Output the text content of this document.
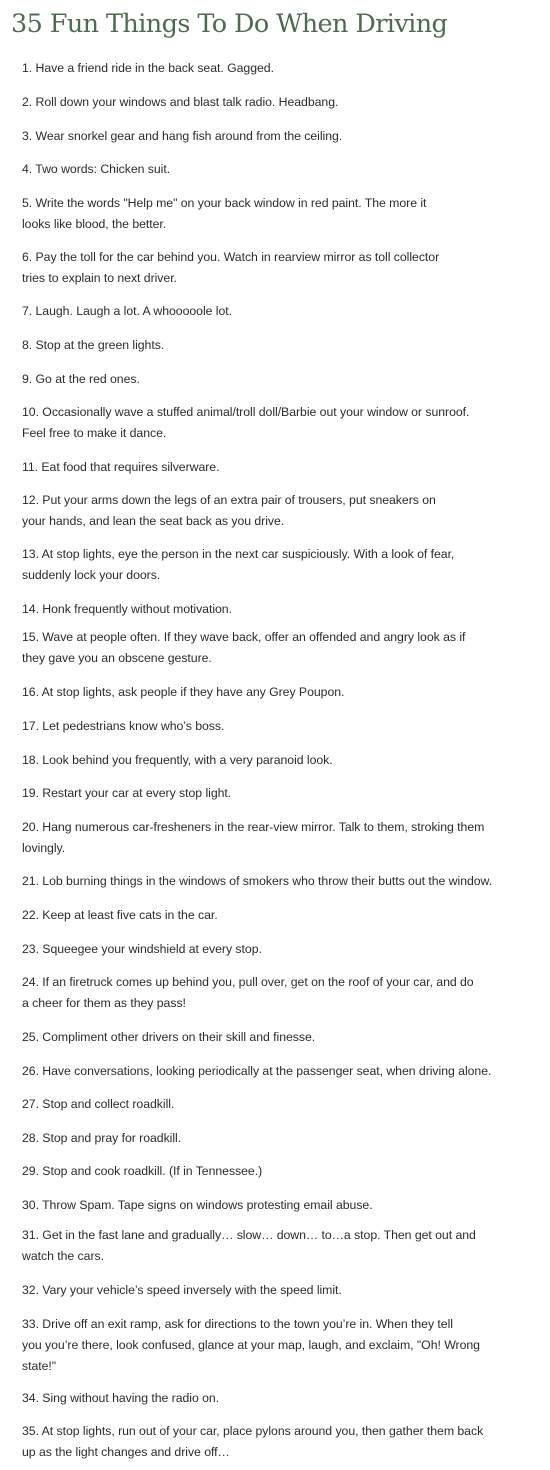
35 Fun Things To Do When Driving
1. Have a friend ride in the back seat. Gagged.
2. Roll down your windows and blast talk radio. Headbang.
3. Wear snorkel gear and hang fish around from the ceiling.
4. Two words: Chicken suit.
5. Write the words "Help me" on your back window in red paint. The more it
looks like blood, the better.
6. Pay the toll for the car behind you. Watch in rearview mirror as toll collector
tries to explain to next driver.
7. Laugh. Laugh a lot. A whooooole lot.
8. Stop at the green lights.
9. Go at the red ones.
10. Occasionally wave a stuffed animal/troll doll/Barbie out your window or sunroof.
Feel free to make it dance.
11. Eat food that requires silverware.
12. Put your arms down the legs of an extra pair of trousers, put sneakers on
your hands, and lean the seat back as you drive.
13. At stop lights, eye the person in the next car suspiciously. With a look of fear,
suddenly lock your doors.
14. Honk frequently without motivation.
15. Wave at people often. If they wave back, offer an offended and angry look as if
they gave you an obscene gesture.
16. At stop lights, ask people if they have any Grey Poupon.
17. Let pedestrians know who’s boss.
18. Look behind you frequently, with a very paranoid look.
19. Restart your car at every stop light.
20. Hang numerous car-fresheners in the rear-view mirror. Talk to them, stroking them
lovingly.
21. Lob burning things in the windows of smokers who throw their butts out the window.
22. Keep at least five cats in the car.
23. Squeegee your windshield at every stop.
24. If an firetruck comes up behind you, pull over, get on the roof of your car, and do
a cheer for them as they pass!
25. Compliment other drivers on their skill and finesse.
26. Have conversations, looking periodically at the passenger seat, when driving alone.
27. Stop and collect roadkill.
28. Stop and pray for roadkill.
29. Stop and cook roadkill. (If in Tennessee.)
30. Throw Spam. Tape signs on windows protesting email abuse.
31. Get in the fast lane and gradually… slow… down… to…a stop. Then get out and
watch the cars.
32. Vary your vehicle’s speed inversely with the speed limit.
33. Drive off an exit ramp, ask for directions to the town you’re in. When they tell
you you’re there, look confused, glance at your map, laugh, and exclaim, "Oh! Wrong
state!"
34. Sing without having the radio on.
35. At stop lights, run out of your car, place pylons around you, then gather them back
up as the light changes and drive off…
